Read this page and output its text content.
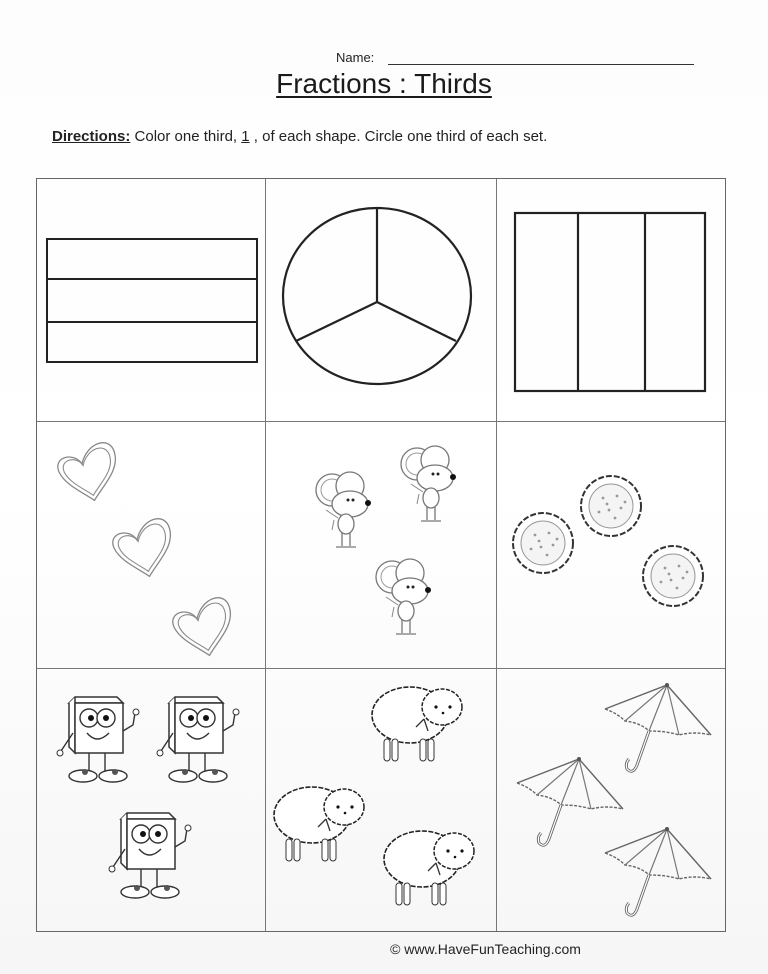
Name:
Fractions : Thirds
Directions: Color one third, 1 , of each shape. Circle one third of each set.
© www.HaveFunTeaching.com
